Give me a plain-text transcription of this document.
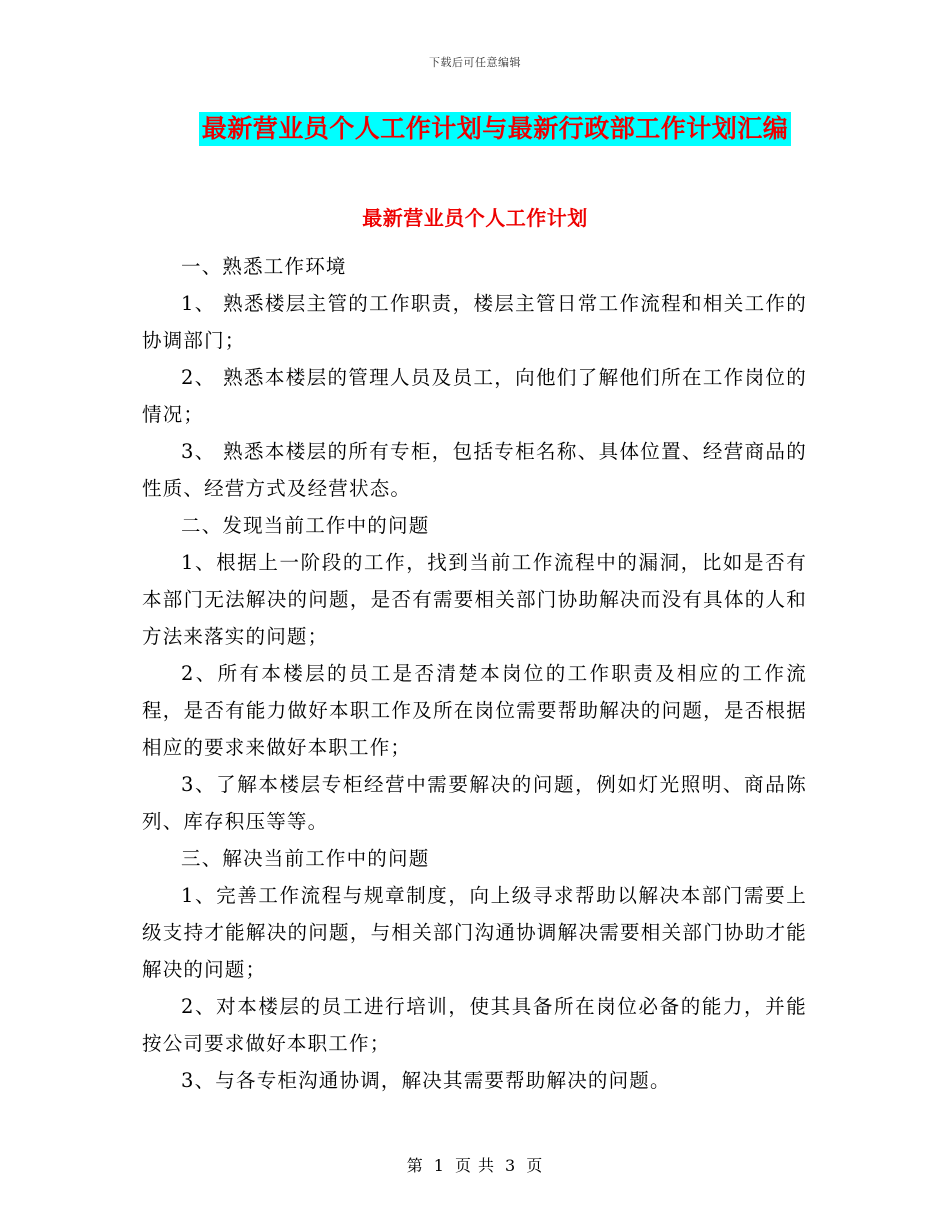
下载后可任意编辑
最新营业员个人工作计划与最新行政部工作计划汇编
最新营业员个人工作计划

一、熟悉工作环境

1、 熟悉楼层主管的工作职责，楼层主管日常工作流程和相关工作的协调部门；

2、 熟悉本楼层的管理人员及员工，向他们了解他们所在工作岗位的情况；

3、 熟悉本楼层的所有专柜，包括专柜名称、具体位置、经营商品的性质、经营方式及经营状态。

二、发现当前工作中的问题

1、根据上一阶段的工作，找到当前工作流程中的漏洞，比如是否有本部门无法解决的问题，是否有需要相关部门协助解决而没有具体的人和方法来落实的问题；

2、所有本楼层的员工是否清楚本岗位的工作职责及相应的工作流程，是否有能力做好本职工作及所在岗位需要帮助解决的问题，是否根据相应的要求来做好本职工作；

3、了解本楼层专柜经营中需要解决的问题，例如灯光照明、商品陈列、库存积压等等。

三、解决当前工作中的问题

1、完善工作流程与规章制度，向上级寻求帮助以解决本部门需要上级支持才能解决的问题，与相关部门沟通协调解决需要相关部门协助才能解决的问题；

2、对本楼层的员工进行培训，使其具备所在岗位必备的能力，并能按公司要求做好本职工作；

3、与各专柜沟通协调，解决其需要帮助解决的问题。

第 1 页 共 3 页
